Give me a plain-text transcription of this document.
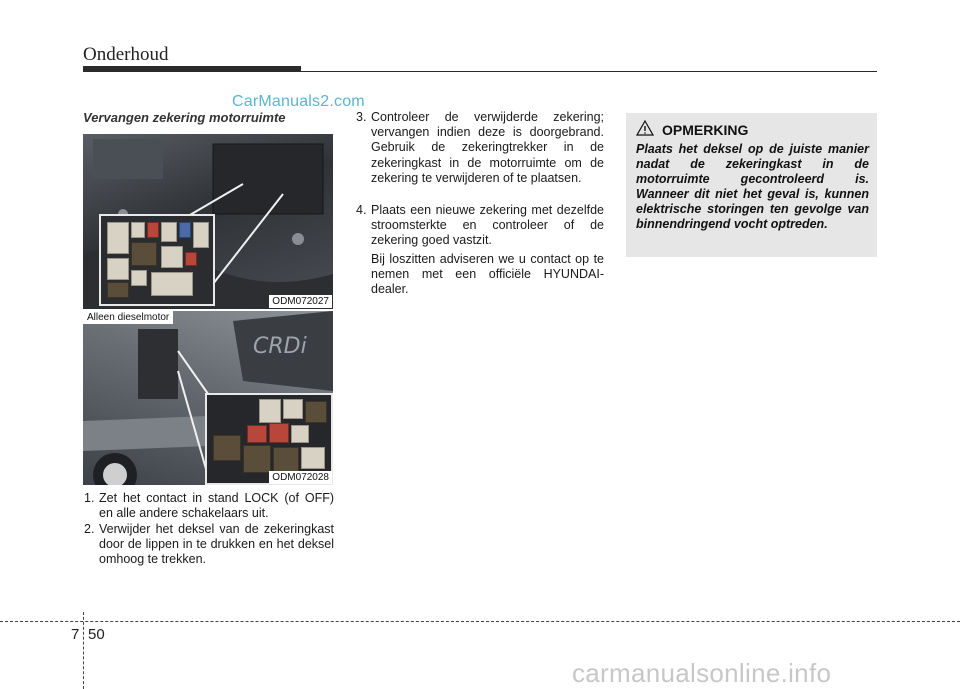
Onderhoud
CarManuals2.com
Vervangen zekering motorruimte
ODM072027
CRDi
Alleen dieselmotor
ODM072028
1. Zet het contact in stand LOCK (of OFF) en alle andere schakelaars uit.
2. Verwijder het deksel van de zekeringkast door de lippen in te drukken en het deksel omhoog te trekken.
3. Controleer de verwijderde zekering; vervangen indien deze is doorgebrand. Gebruik de zekeringtrekker in de zekeringkast in de motorruimte om de zekering te verwijderen of te plaatsen.
4. Plaats een nieuwe zekering met dezelfde stroomsterkte en controleer of de zekering goed vastzit.
Bij loszitten adviseren we u contact op te nemen met een officiële HYUNDAI-dealer.
OPMERKING
Plaats het deksel op de juiste manier nadat de zekeringkast in de motorruimte gecontroleerd is. Wanneer dit niet het geval is, kunnen elektrische storingen ten gevolge van binnendringend vocht optreden.
7 50
carmanualsonline.info
